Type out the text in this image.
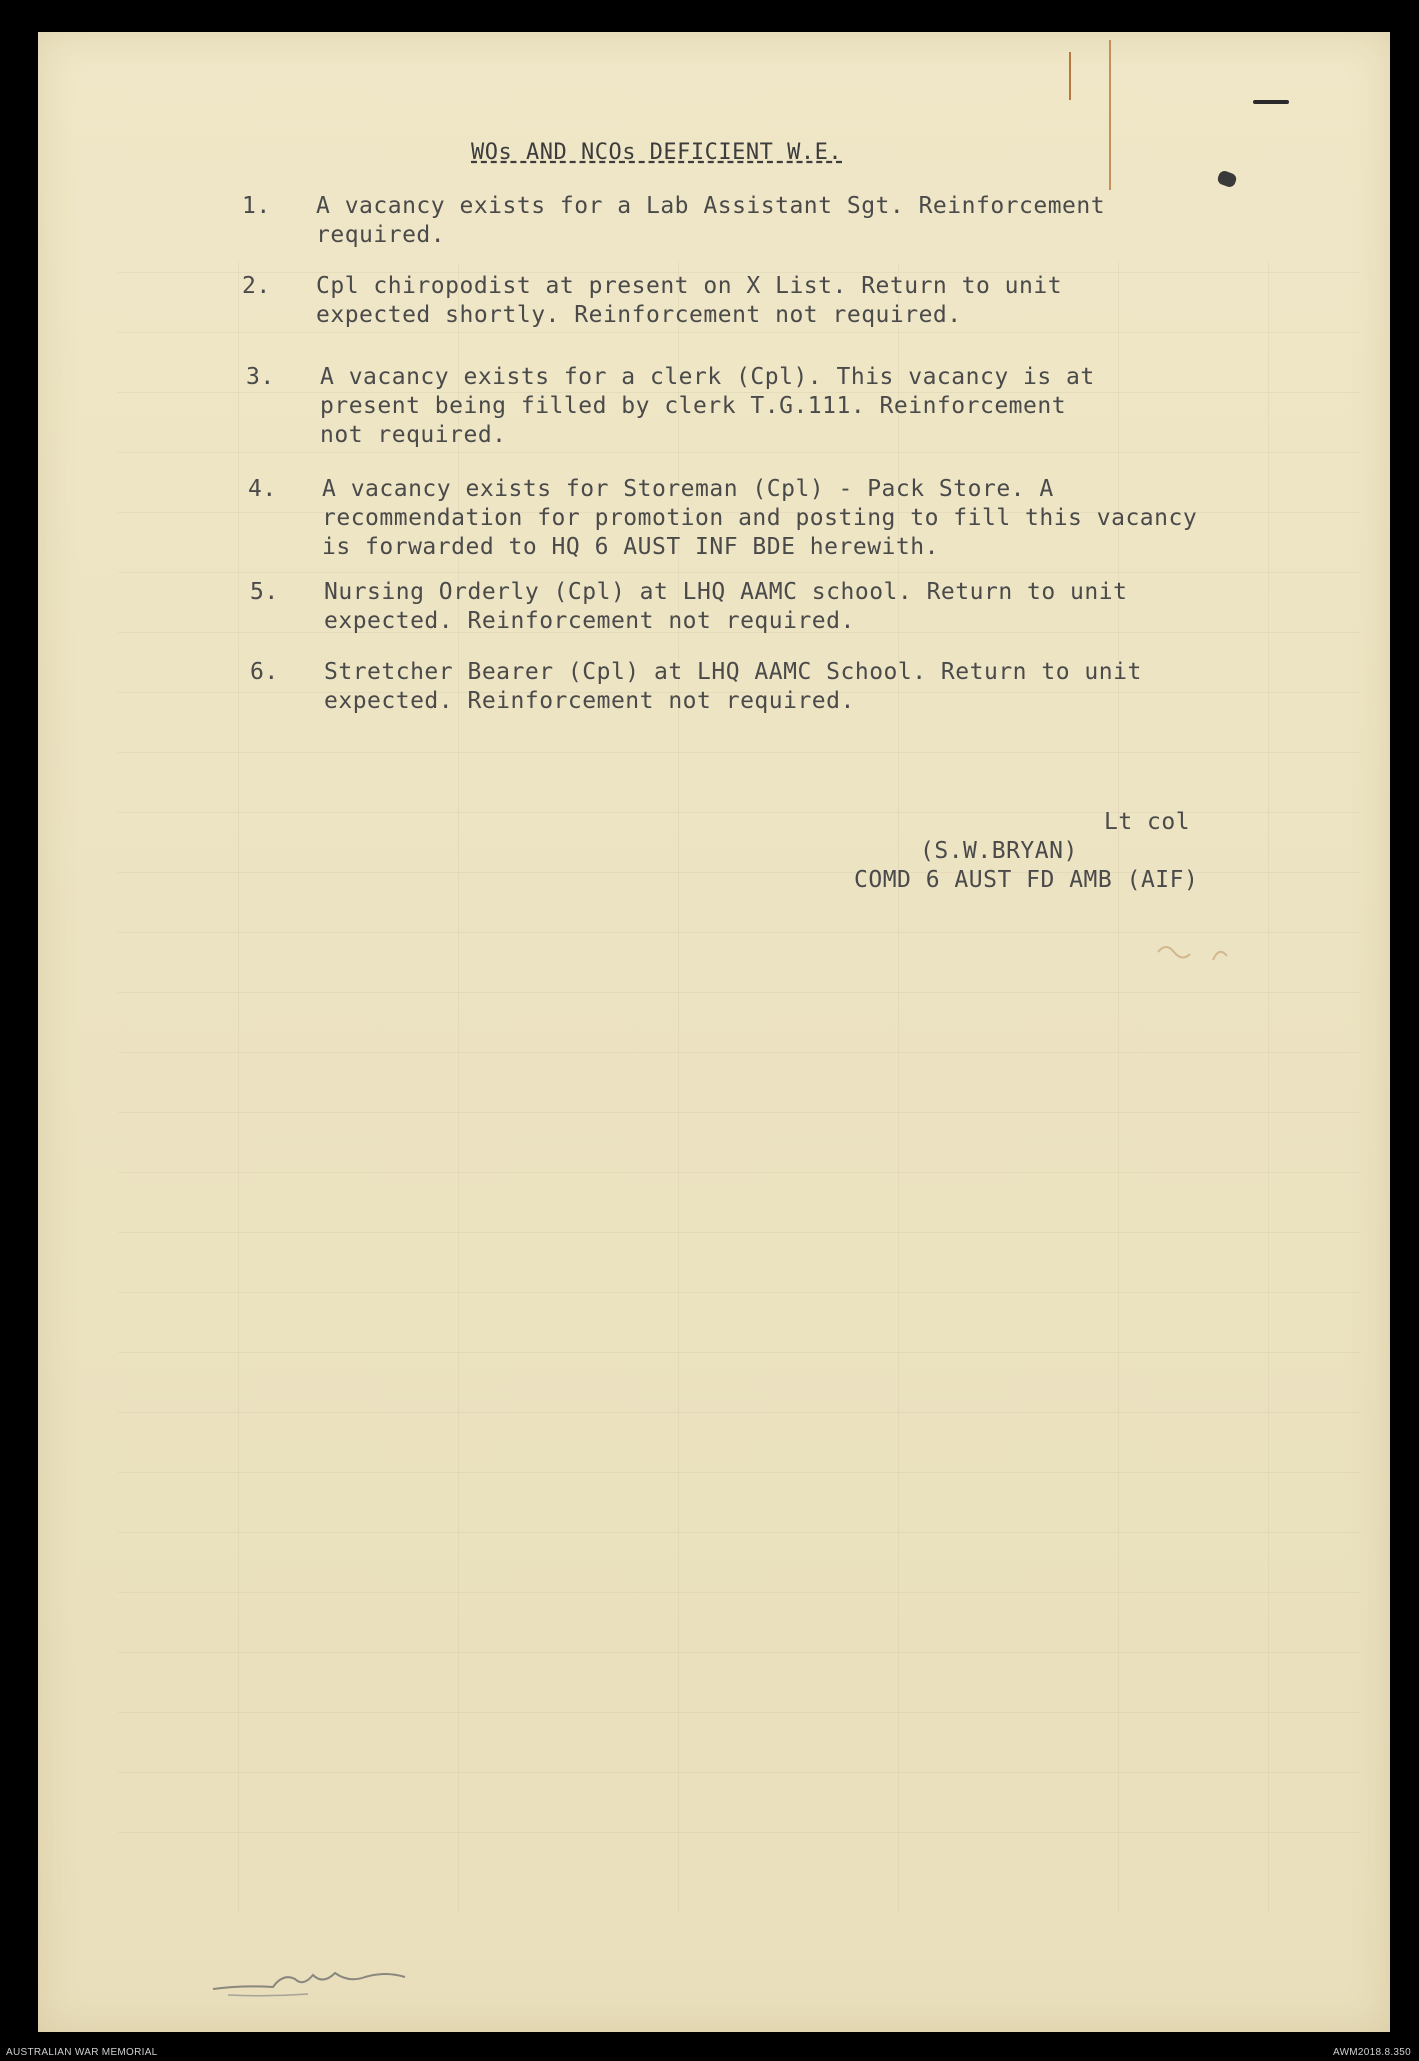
WOs AND NCOs DEFICIENT W.E.
1. A vacancy exists for a Lab Assistant Sgt. Reinforcement
required.
2. Cpl chiropodist at present on X List. Return to unit
expected shortly. Reinforcement not required.
3. A vacancy exists for a clerk (Cpl). This vacancy is at
present being filled by clerk T.G.111. Reinforcement
not required.
4. A vacancy exists for Storeman (Cpl) - Pack Store. A
recommendation for promotion and posting to fill this vacancy
is forwarded to HQ 6 AUST INF BDE herewith.
5. Nursing Orderly (Cpl) at LHQ AAMC school. Return to unit
expected. Reinforcement not required.
6. Stretcher Bearer (Cpl) at LHQ AAMC School. Return to unit
expected. Reinforcement not required.
Lt col
(S.W.BRYAN)
COMD 6 AUST FD AMB (AIF)
AUSTRALIAN WAR MEMORIAL	AWM2018.8.350
